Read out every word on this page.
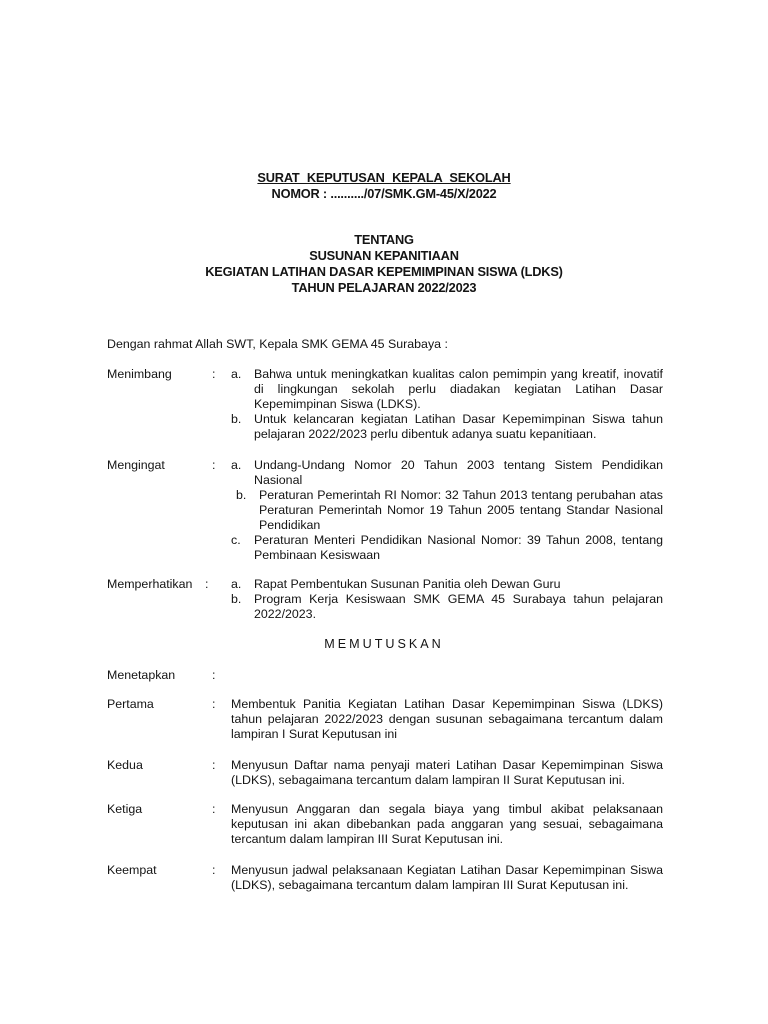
SURAT KEPUTUSAN KEPALA SEKOLAH
NOMOR : ........../07/SMK.GM-45/X/2022
TENTANG
SUSUNAN KEPANITIAAN
KEGIATAN LATIHAN DASAR KEPEMIMPINAN SISWA (LDKS)
TAHUN PELAJARAN 2022/2023
Dengan rahmat Allah SWT, Kepala SMK GEMA 45 Surabaya :
Menimbang	: a. Bahwa untuk meningkatkan kualitas calon pemimpin yang kreatif, inovatif di lingkungan sekolah perlu diadakan kegiatan Latihan Dasar Kepemimpinan Siswa (LDKS).
b. Untuk kelancaran kegiatan Latihan Dasar Kepemimpinan Siswa tahun pelajaran 2022/2023 perlu dibentuk adanya suatu kepanitiaan.
Mengingat	: a. Undang-Undang Nomor 20 Tahun 2003 tentang Sistem Pendidikan Nasional
b. Peraturan Pemerintah RI Nomor: 32 Tahun 2013 tentang perubahan atas Peraturan Pemerintah Nomor 19 Tahun 2005 tentang Standar Nasional Pendidikan
c. Peraturan Menteri Pendidikan Nasional Nomor: 39 Tahun 2008, tentang Pembinaan Kesiswaan
Memperhatikan : a. Rapat Pembentukan Susunan Panitia oleh Dewan Guru
b. Program Kerja Kesiswaan SMK GEMA 45 Surabaya tahun pelajaran 2022/2023.
MEMUTUSKAN
Menetapkan	:
Pertama	: Membentuk Panitia Kegiatan Latihan Dasar Kepemimpinan Siswa (LDKS) tahun pelajaran 2022/2023 dengan susunan sebagaimana tercantum dalam lampiran I Surat Keputusan ini
Kedua	: Menyusun Daftar nama penyaji materi Latihan Dasar Kepemimpinan Siswa (LDKS), sebagaimana tercantum dalam lampiran II Surat Keputusan ini.
Ketiga	: Menyusun Anggaran dan segala biaya yang timbul akibat pelaksanaan keputusan ini akan dibebankan pada anggaran yang sesuai, sebagaimana tercantum dalam lampiran III Surat Keputusan ini.
Keempat	: Menyusun jadwal pelaksanaan Kegiatan Latihan Dasar Kepemimpinan Siswa (LDKS), sebagaimana tercantum dalam lampiran III Surat Keputusan ini.
